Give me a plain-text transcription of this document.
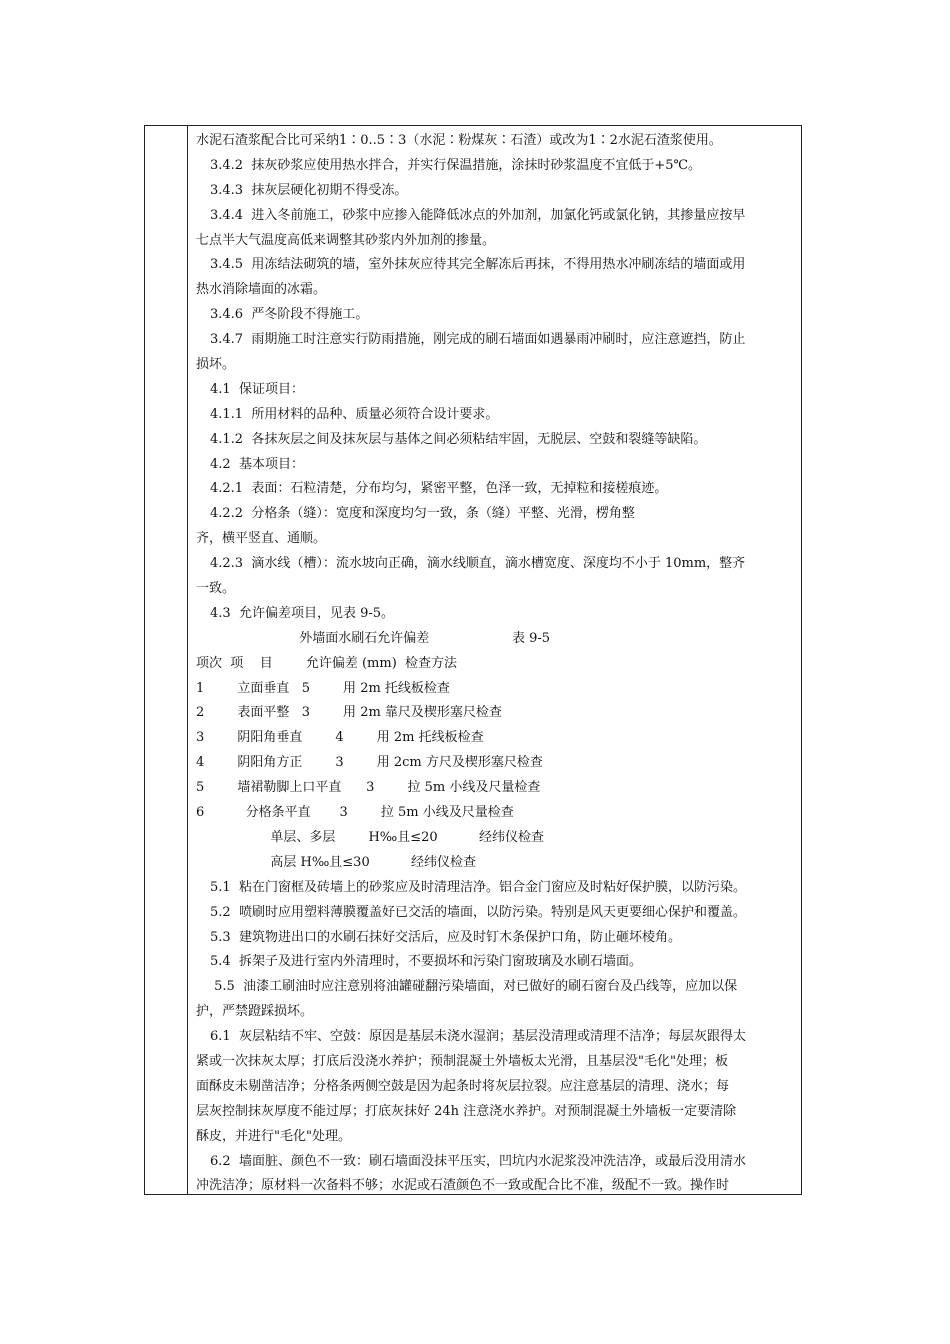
水泥石渣浆配合比可采纳1∶0..5∶3（水泥∶粉煤灰∶石渣）或改为1∶2水泥石渣浆使用。
3.4.2  抹灰砂浆应使用热水拌合，并实行保温措施，涂抹时砂浆温度不宜低于+5℃。
3.4.3  抹灰层硬化初期不得受冻。
3.4.4  进入冬前施工，砂浆中应掺入能降低冰点的外加剂，加氯化钙或氯化钠，其掺量应按早
七点半大气温度高低来调整其砂浆内外加剂的掺量。
3.4.5  用冻结法砌筑的墙，室外抹灰应待其完全解冻后再抹，不得用热水冲刷冻结的墙面或用
热水消除墙面的冰霜。
3.4.6  严冬阶段不得施工。
3.4.7  雨期施工时注意实行防雨措施，刚完成的刷石墙面如遇暴雨冲刷时，应注意遮挡，防止
损坏。
4.1  保证项目：
4.1.1  所用材料的品种、质量必须符合设计要求。
4.1.2  各抹灰层之间及抹灰层与基体之间必须粘结牢固，无脱层、空鼓和裂缝等缺陷。
4.2  基本项目：
4.2.1  表面：石粒清楚，分布均匀，紧密平整，色泽一致，无掉粒和接槎痕迹。
4.2.2  分格条（缝）：宽度和深度均匀一致，条（缝）平整、光滑，楞角整
齐，横平竖直、通顺。
4.2.3  滴水线（槽）：流水坡向正确，滴水线顺直，滴水槽宽度、深度均不小于 10mm，整齐
一致。
4.3  允许偏差项目，见表 9-5。
外墙面水刷石允许偏差                    表 9-5
项次  项    目        允许偏差 (mm)  检查方法
1        立面垂直   5        用 2m 托线板检查
2        表面平整   3        用 2m 靠尺及楔形塞尺检查
3        阴阳角垂直        4        用 2m 托线板检查
4        阴阳角方正        3        用 2cm 方尺及楔形塞尺检查
5        墙裙勒脚上口平直      3        拉 5m 小线及尺量检查
6          分格条平直       3        拉 5m 小线及尺量检查
单层、多层        H‰且≤20          经纬仪检查
高层 H‰且≤30          经纬仪检查
5.1  粘在门窗框及砖墙上的砂浆应及时清理洁净。铝合金门窗应及时粘好保护膜，以防污染。
5.2  喷刷时应用塑料薄膜覆盖好已交活的墙面，以防污染。特别是风天更要细心保护和覆盖。
5.3  建筑物进出口的水刷石抹好交活后，应及时钉木条保护口角，防止砸坏棱角。
5.4  拆架子及进行室内外清理时，不要损坏和污染门窗玻璃及水刷石墙面。
5.5  油漆工刷油时应注意别将油罐碰翻污染墙面，对已做好的刷石窗台及凸线等，应加以保
护，严禁蹬踩损坏。
6.1  灰层粘结不牢、空鼓：原因是基层未浇水湿润；基层没清理或清理不洁净；每层灰跟得太
紧或一次抹灰太厚；打底后没浇水养护；预制混凝土外墙板太光滑，且基层没"毛化"处理；板
面酥皮未剔凿洁净；分格条两侧空鼓是因为起条时将灰层拉裂。应注意基层的清理、浇水；每
层灰控制抹灰厚度不能过厚；打底灰抹好 24h 注意浇水养护。对预制混凝土外墙板一定要清除
酥皮，并进行"毛化"处理。
6.2  墙面脏、颜色不一致：刷石墙面没抹平压实，凹坑内水泥浆没冲洗洁净，或最后没用清水
冲洗洁净；原材料一次备料不够；水泥或石渣颜色不一致或配合比不准，级配不一致。操作时
